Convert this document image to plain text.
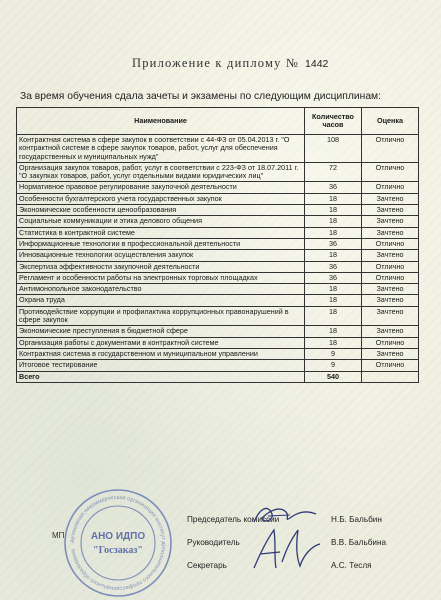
Приложение к диплому № 1442
За время обучения сдала зачеты и экзамены по следующим дисциплинам:
Наименование	Количество часов	Оценка
Контрактная система в сфере закупок в соответствии с 44-ФЗ от 05.04.2013 г. "О контрактной системе в сфере закупок товаров, работ, услуг для обеспечения государственных и муниципальных нужд"	108	Отлично
Организация закупок товаров, работ, услуг в соответствии с 223-ФЗ от 18.07.2011 г. "О закупках товаров, работ, услуг отдельными видами юридических лиц"	72	Отлично
Нормативное правовое регулирование закупочной деятельности	36	Отлично
Особенности бухгалтерского учета государственных закупок	18	Зачтено
Экономические особенности ценообразования	18	Зачтено
Социальные коммуникации и этика делового общения	18	Зачтено
Статистика в контрактной системе	18	Зачтено
Информационные технологии в профессиональной деятельности	36	Отлично
Инновационные технологии осуществления закупок	18	Зачтено
Экспертиза эффективности закупочной деятельности	36	Отлично
Регламент и особенности работы на электронных торговых площадках	36	Отлично
Антимонопольное законодательство	18	Зачтено
Охрана труда	18	Зачтено
Противодействие коррупции и профилактика коррупционных правонарушений в сфере закупок	18	Зачтено
Экономические преступления в бюджетной сфере	18	Зачтено
Организация работы с документами в контрактной системе	18	Отлично
Контрактная система в государственном и муниципальном управлении	9	Зачтено
Итоговое тестирование	9	Отлично
Всего	540	
Автономная некоммерческая организация институт дополнительного профессионального образования
АНО ИДПО
"Госзаказ"
МП
Председатель комиссии	Н.Б. Бальбин
Руководитель	В.В. Бальбина
Секретарь	А.С. Тесля
